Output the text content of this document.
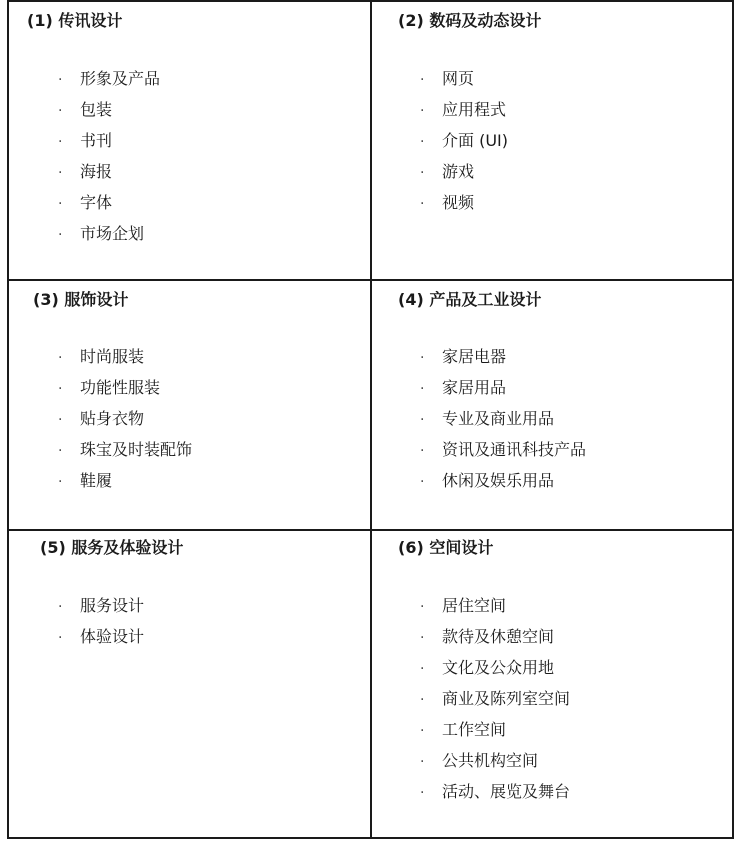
(1) 传讯设计
· 形象及产品
· 包装
· 书刊
· 海报
· 字体
· 市场企划
(2) 数码及动态设计
· 网页
· 应用程式
· 介面 (UI)
· 游戏
· 视频
(3) 服饰设计
· 时尚服装
· 功能性服装
· 贴身衣物
· 珠宝及时装配饰
· 鞋履
(4) 产品及工业设计
· 家居电器
· 家居用品
· 专业及商业用品
· 资讯及通讯科技产品
· 休闲及娱乐用品
(5) 服务及体验设计
· 服务设计
· 体验设计
(6) 空间设计
· 居住空间
· 款待及休憩空间
· 文化及公众用地
· 商业及陈列室空间
· 工作空间
· 公共机构空间
· 活动、展览及舞台
